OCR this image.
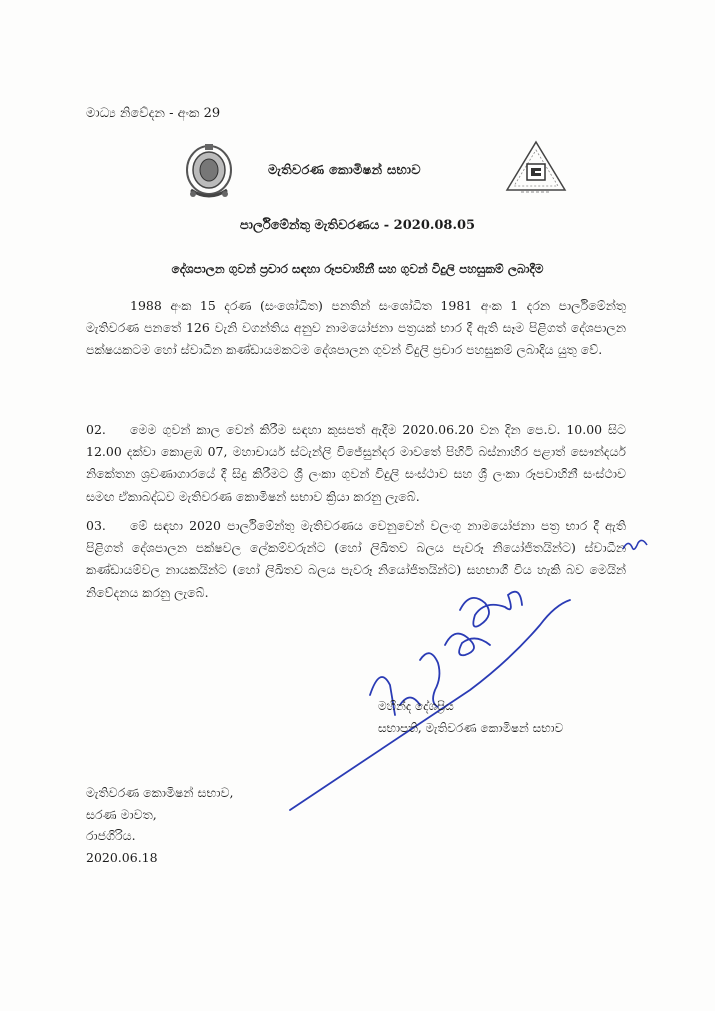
මාධ්‍ය නිවේදන - අංක 29
මැතිවරණ කොමිෂන් සභාව
පාර්ලිමේන්තු මැතිවරණය - 2020.08.05
දේශපාලන ගුවන් ප්‍රචාර සඳහා රූපවාහිනී සහ ගුවන් විදුලි පහසුකම් ලබාදීම
1988 අංක 15 දරණ (සංශෝධිත) පනතින් සංශෝධිත 1981 අංක 1 දරන පාර්ලිමේන්තු මැතිවරණ පනතේ 126 වැනි වගන්තිය අනුව නාමයෝජනා පත්‍රයක් භාර දී ඇති සෑම පිළිගත් දේශපාලන පක්ෂයකටම හෝ ස්වාධීන කණ්ඩායමකටම දේශපාලන ගුවන් විදුලි ප්‍රචාර පහසුකම් ලබාදිය යුතු වේ.
02. මෙම ගුවන් කාල වෙන් කිරීම සඳහා කුසපත් ඇදීම 2020.06.20 වන දින පෙ.ව. 10.00 සිට 12.00 දක්වා කොළඹ 07, මහාචාර්ය ස්ටැන්ලි විජේසුන්දර මාවතේ පිහිටි බස්නාහිර පළාත් සෞන්දර්ය නිකේතන ශ්‍රවණාගාරයේ දී සිදු කිරීමට ශ්‍රී ලංකා ගුවන් විදුලි සංස්ථාව සහ ශ්‍රී ලංකා රූපවාහිනී සංස්ථාව සමඟ ඒකාබද්ධව මැතිවරණ කොමිෂන් සභාව ක්‍රියා කරනු ලැබේ.
03. මේ සඳහා 2020 පාර්ලිමේන්තු මැතිවරණය වෙනුවෙන් වලංගු නාමයෝජනා පත්‍ර භාර දී ඇති පිළිගත් දේශපාලන පක්ෂවල ලේකම්වරුන්ට (හෝ ලිඛිතව බලය පැවරූ නියෝජිතයින්ට) ස්වාධීන කණ්ඩායම්වල නායකයින්ට (හෝ ලිඛිතව බලය පැවරූ නියෝජිතයින්ට) සහභාගී විය හැකි බව මෙයින් නිවේදනය කරනු ලැබේ.
මහින්ද දේශප්‍රිය
සභාපති, මැතිවරණ කොමිෂන් සභාව
මැතිවරණ කොමිෂන් සභාව,
සරණ මාවත,
රාජගිරිය.
2020.06.18
